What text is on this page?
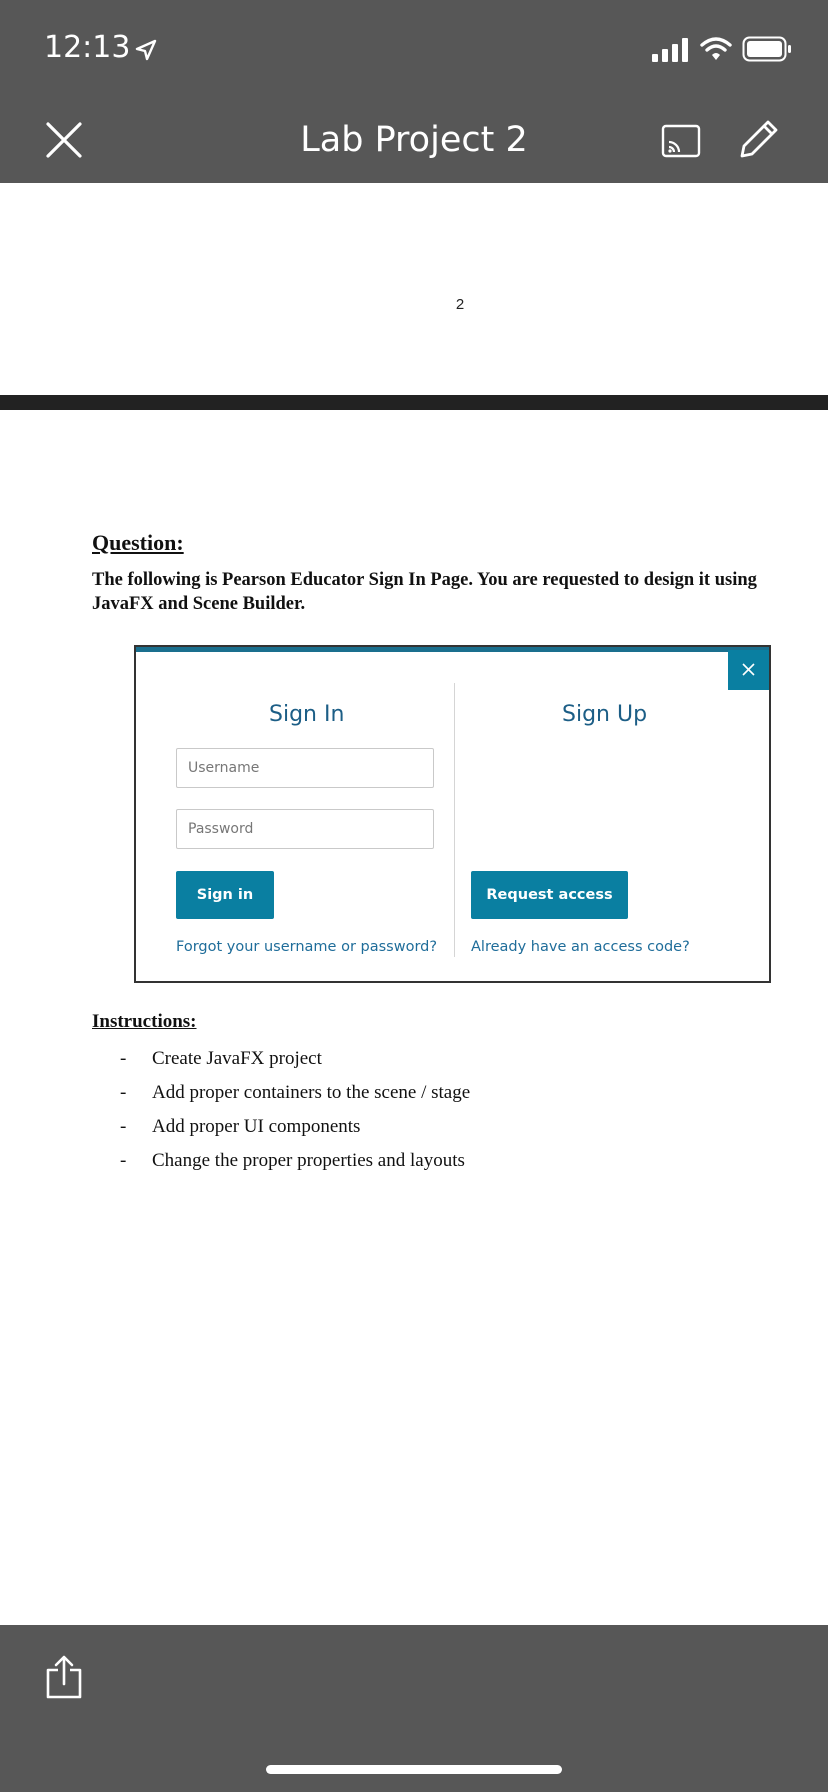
12:13
Lab Project 2
2
Question:
The following is Pearson Educator Sign In Page. You are requested to design it using JavaFX and Scene Builder.
Sign In	Sign Up
Username
Password
Sign in	Request access
Forgot your username or password? Already have an access code?
Instructions:
- Create JavaFX project
- Add proper containers to the scene / stage
- Add proper UI components
- Change the proper properties and layouts
